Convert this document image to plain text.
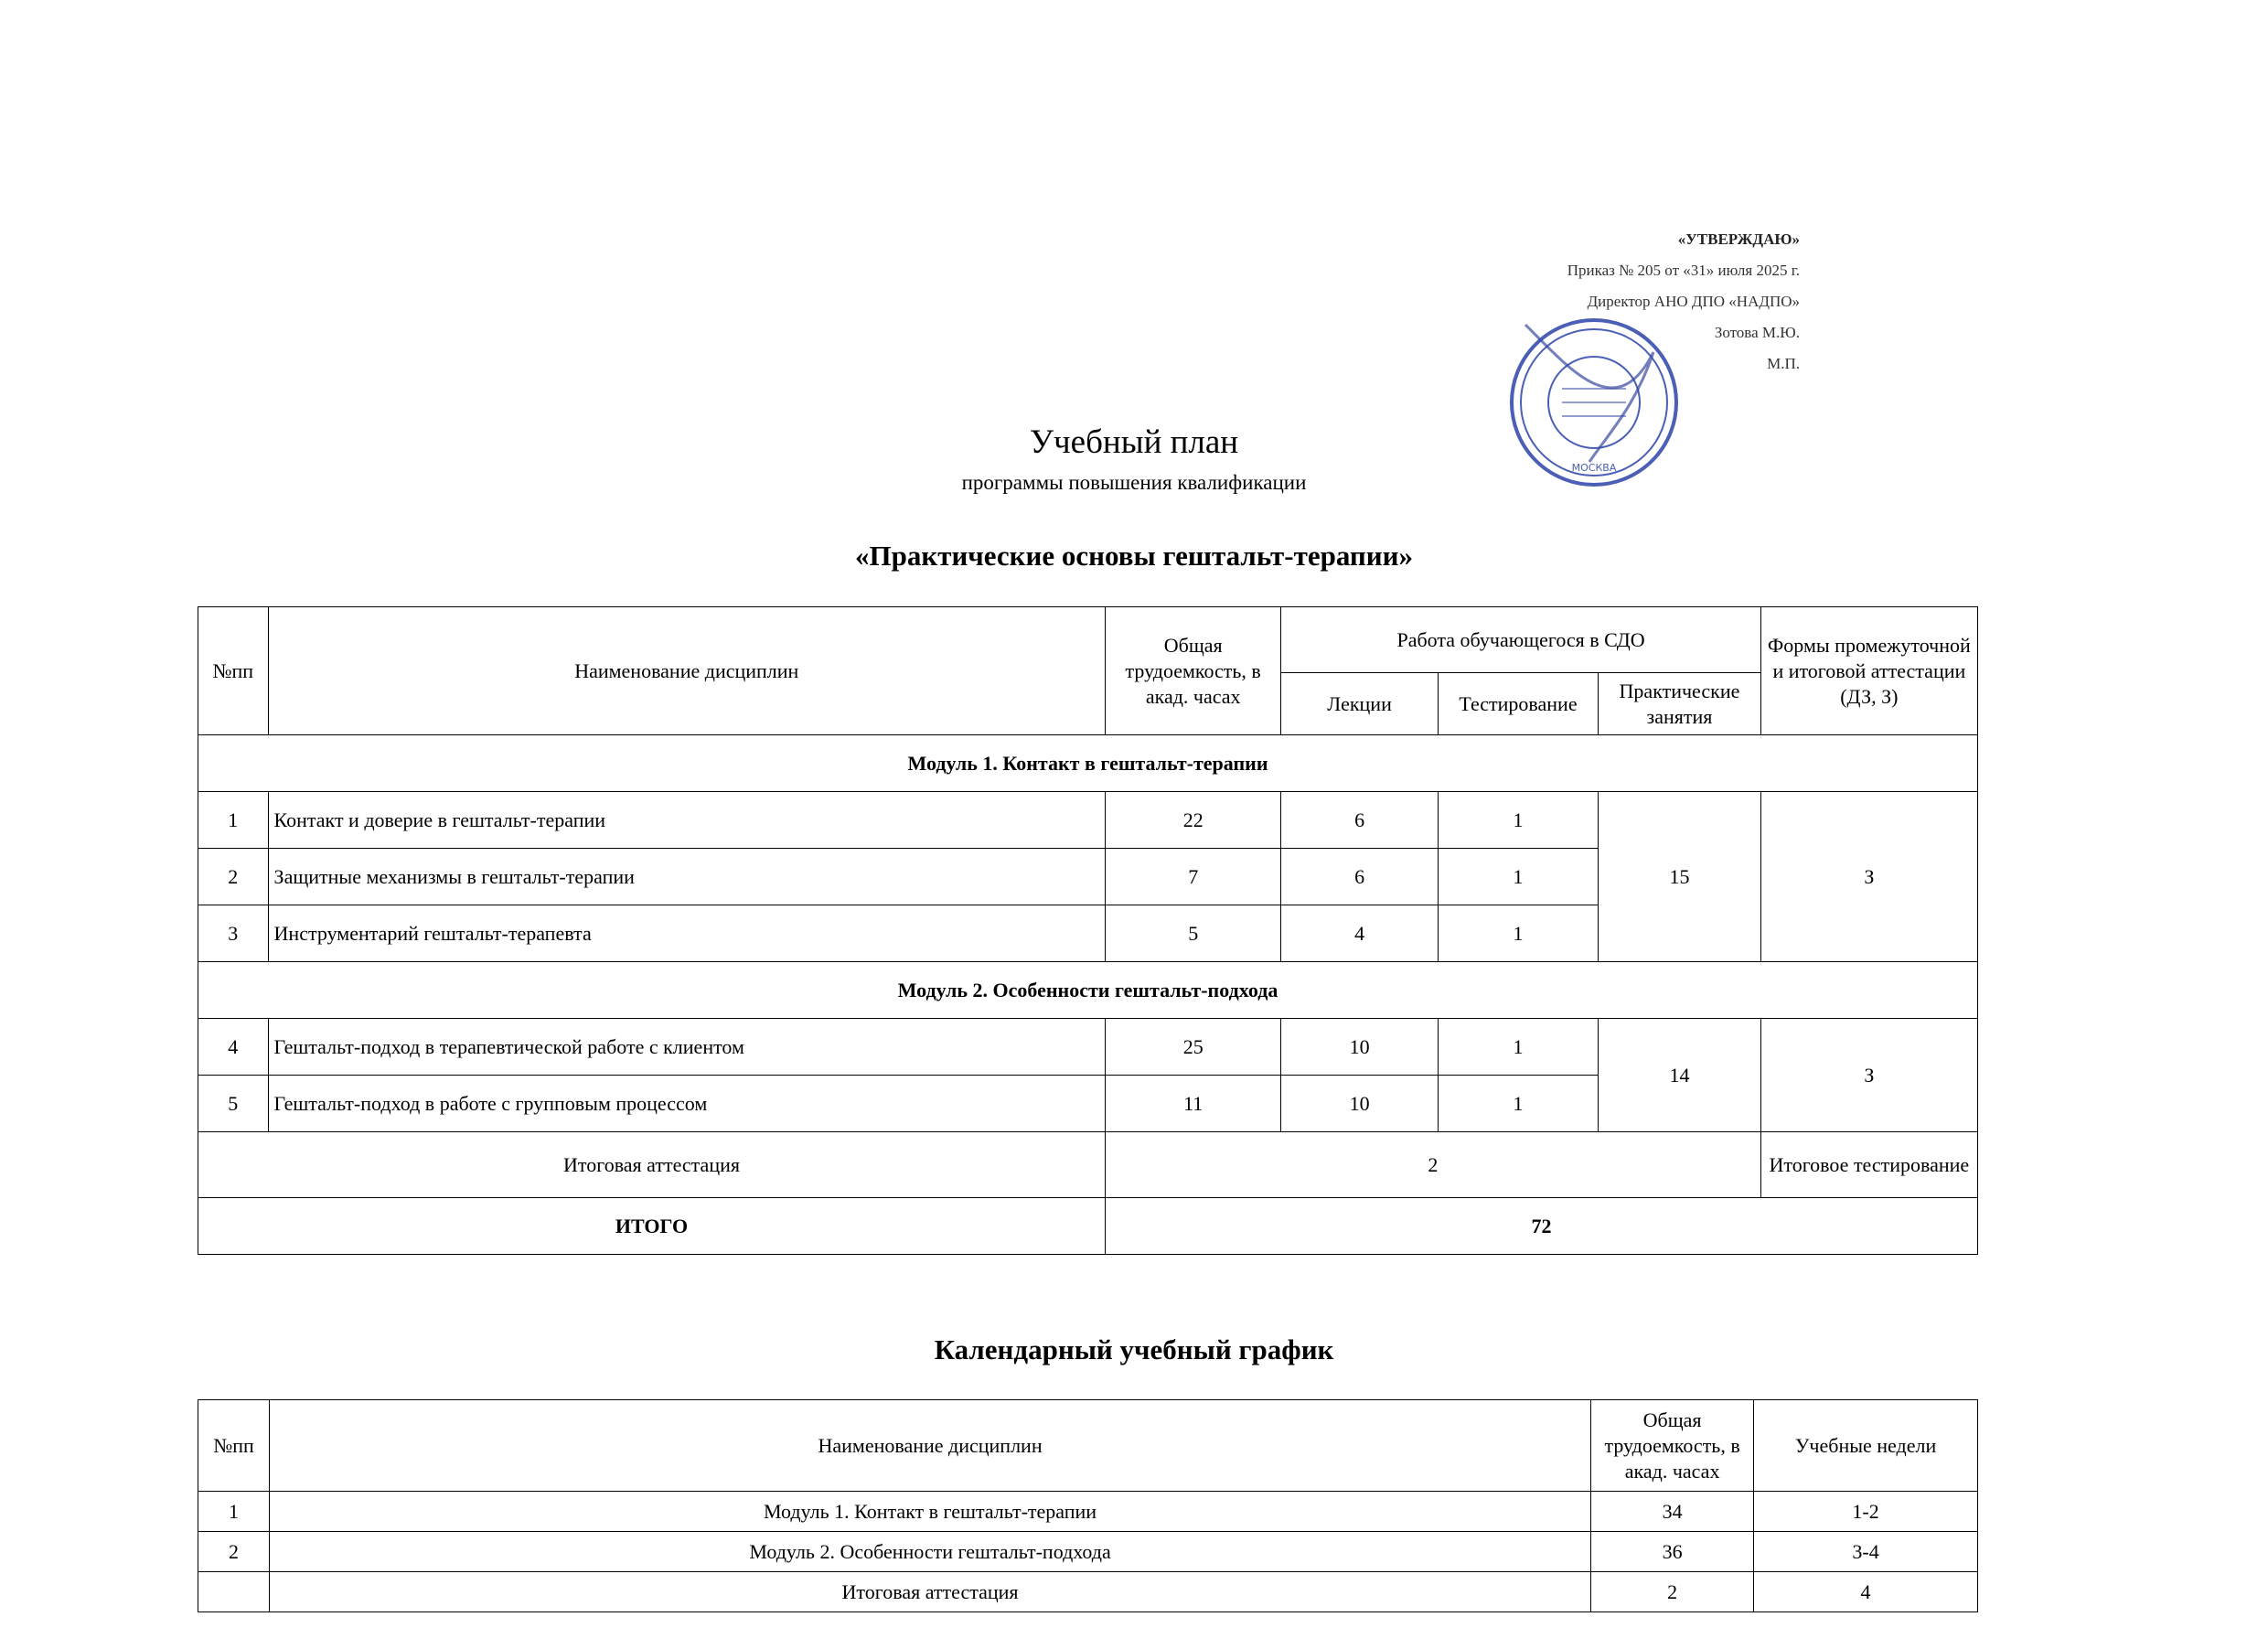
«УТВЕРЖДАЮ»
Приказ № 205 от «31» июля 2025 г.
Директор АНО ДПО «НАДПО»
Зотова М.Ю.
М.П.
МОСКВА
Учебный план
программы повышения квалификации
«Практические основы гештальт-терапии»
№пп	Наименование дисциплин	Общая трудоемкость, в акад. часах	Работа обучающегося в СДО			Формы промежуточной и итоговой аттестации (ДЗ, З)
			Лекции	Тестирование	Практические занятия	
Модуль 1. Контакт в гештальт-терапии						
1	Контакт и доверие в гештальт-терапии	22	6	1	15	З
2	Защитные механизмы в гештальт-терапии	7	6	1		
3	Инструментарий гештальт-терапевта	5	4	1		
Модуль 2. Особенности гештальт-подхода						
4	Гештальт-подход в терапевтической работе с клиентом	25	10	1	14	З
5	Гештальт-подход в работе с групповым процессом	11	10	1		
Итоговая аттестация		2				Итоговое тестирование
ИТОГО		72				
Календарный учебный график
№пп	Наименование дисциплин	Общая трудоемкость, в акад. часах	Учебные недели
1	Модуль 1. Контакт в гештальт-терапии	34	1-2
2	Модуль 2. Особенности гештальт-подхода	36	3-4
	Итоговая аттестация	2	4
